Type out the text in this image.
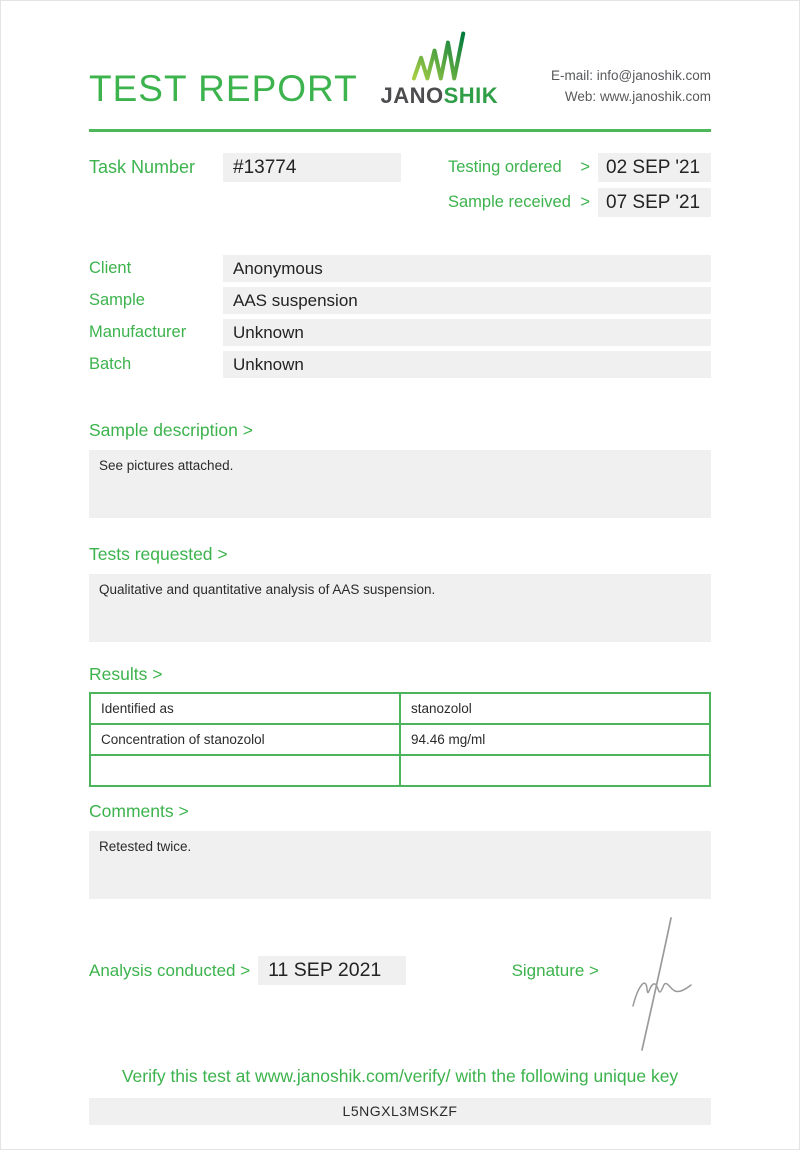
TEST REPORT JANOSHIK
E-mail: info@janoshik.com
Web: www.janoshik.com
Task Number	#13774	Testing ordered > 02 SEP '21
Sample received > 07 SEP '21
Client	Anonymous
Sample	AAS suspension
Manufacturer	Unknown
Batch	Unknown
Sample description >
See pictures attached.
Tests requested >
Qualitative and quantitative analysis of AAS suspension.
Results >
Identified as	stanozolol
Concentration of stanozolol	94.46 mg/ml

Comments >
Retested twice.
Analysis conducted > 11 SEP 2021	Signature >
Verify this test at www.janoshik.com/verify/ with the following unique key
L5NGXL3MSKZF
